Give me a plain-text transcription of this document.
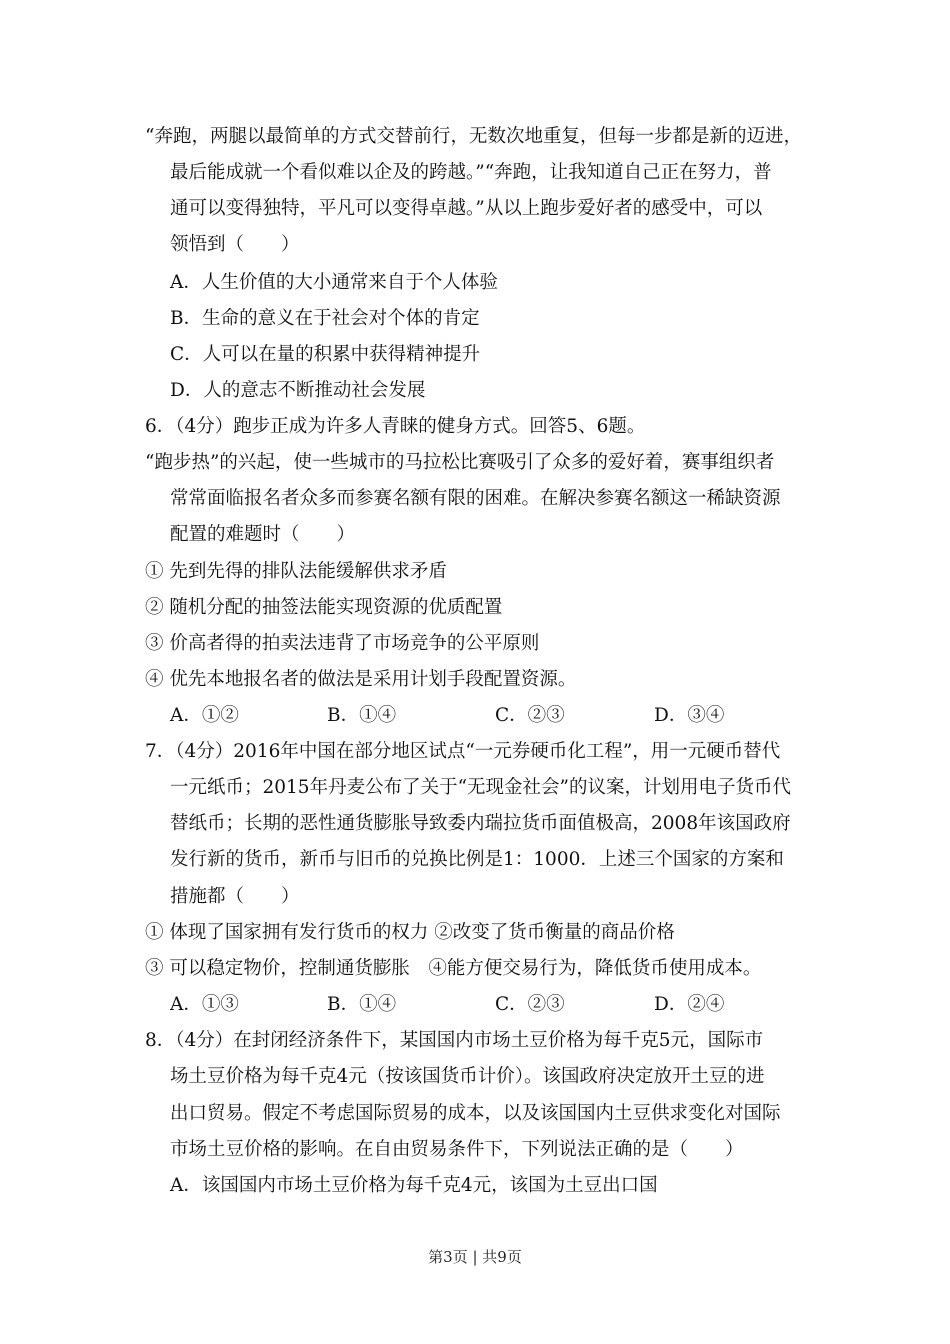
“奔跑，两腿以最简单的方式交替前行，无数次地重复，但每一步都是新的迈进，
最后能成就一个看似难以企及的跨越。”“奔跑，让我知道自己正在努力，普
通可以变得独特，平凡可以变得卓越。”从以上跑步爱好者的感受中，可以
领悟到（　　）
A．人生价值的大小通常来自于个人体验
B．生命的意义在于社会对个体的肯定
C．人可以在量的积累中获得精神提升
D．人的意志不断推动社会发展
6．（4分）跑步正成为许多人青睐的健身方式。回答5、6题。
“跑步热”的兴起，使一些城市的马拉松比赛吸引了众多的爱好着，赛事组织者
常常面临报名者众多而参赛名额有限的困难。在解决参赛名额这一稀缺资源
配置的难题时（　　）
① 先到先得的排队法能缓解供求矛盾
② 随机分配的抽签法能实现资源的优质配置
③ 价高者得的拍卖法违背了市场竞争的公平原则
④ 优先本地报名者的做法是采用计划手段配置资源。
A．①②	B．①④	C．②③	D．③④
7．（4分）2016年中国在部分地区试点“一元券硬币化工程”，用一元硬币替代
一元纸币；2015年丹麦公布了关于“无现金社会”的议案，计划用电子货币代
替纸币；长期的恶性通货膨胀导致委内瑞拉货币面值极高，2008年该国政府
发行新的货币，新币与旧币的兑换比例是1：1000．上述三个国家的方案和
措施都（　　）
① 体现了国家拥有发行货币的权力 ②改变了货币衡量的商品价格
③ 可以稳定物价，控制通货膨胀　④能方便交易行为，降低货币使用成本。
A．①③	B．①④	C．②③	D．②④
8．（4分）在封闭经济条件下，某国国内市场土豆价格为每千克5元，国际市
场土豆价格为每千克4元（按该国货币计价）。该国政府决定放开土豆的进
出口贸易。假定不考虑国际贸易的成本，以及该国国内土豆供求变化对国际
市场土豆价格的影响。在自由贸易条件下，下列说法正确的是（　　）
A．该国国内市场土豆价格为每千克4元，该国为土豆出口国
第3页 | 共9页
